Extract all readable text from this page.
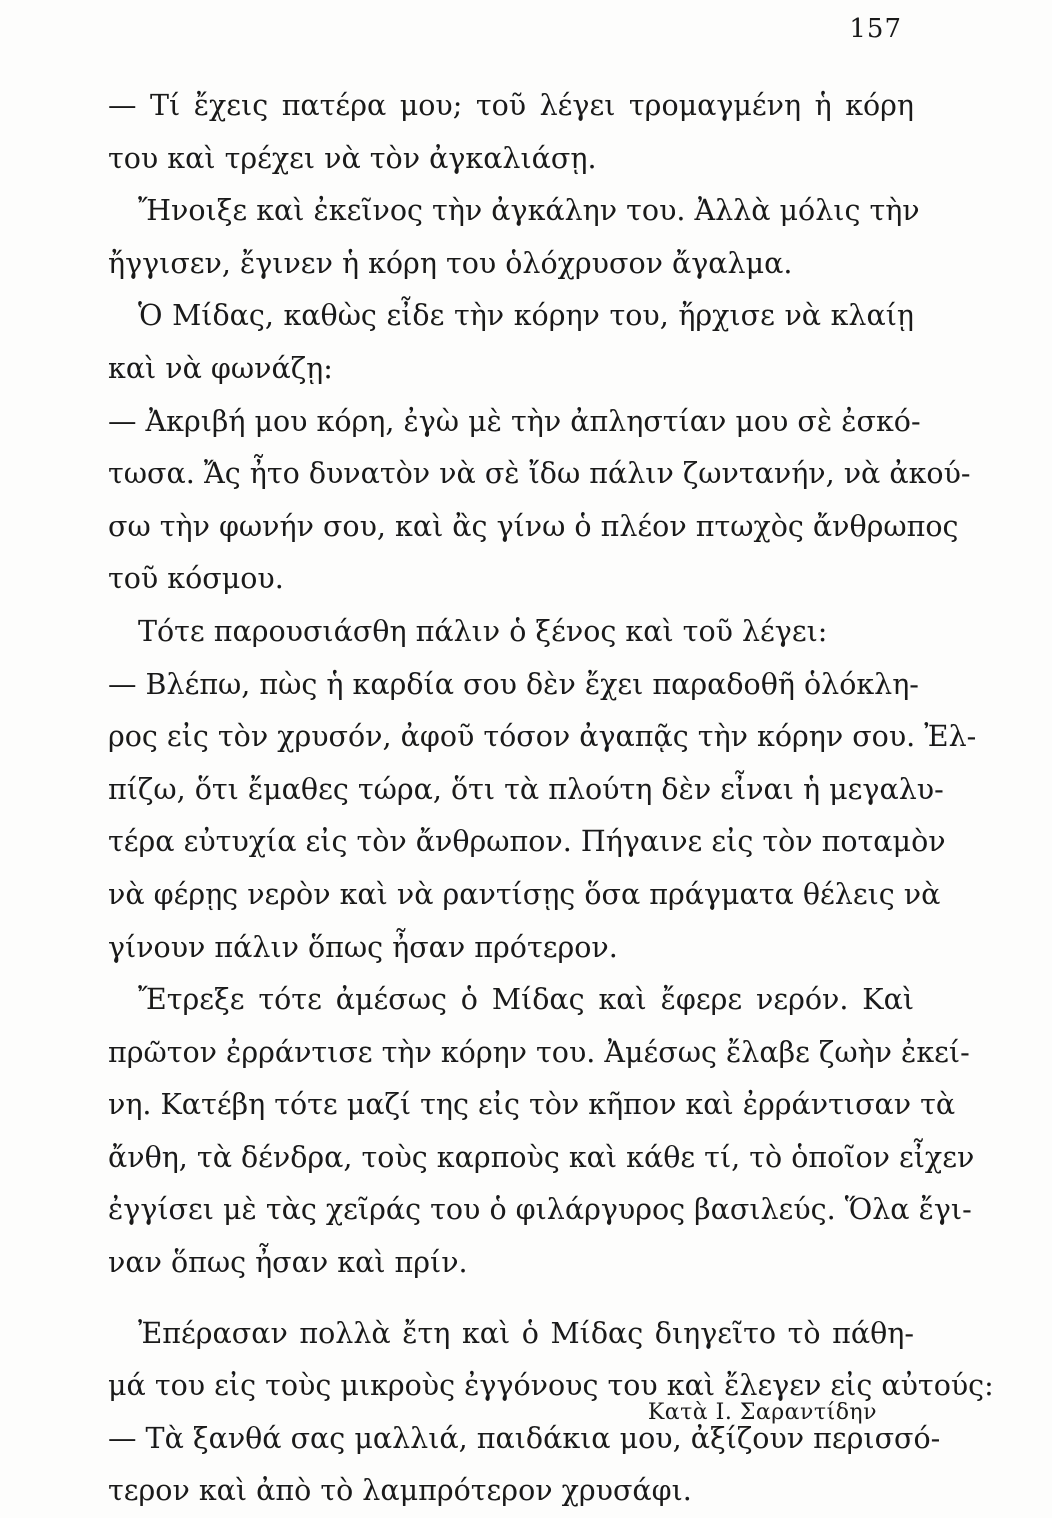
157
— Τί ἔχεις πατέρα μου; τοῦ λέγει τρομαγμένη ἡ κόρη
του καὶ τρέχει νὰ τὸν ἀγκαλιάσῃ.
Ἤνοιξε καὶ ἐκεῖνος τὴν ἀγκάλην του. Ἀλλὰ μόλις τὴν
ἤγγισεν, ἔγινεν ἡ κόρη του ὁλόχρυσον ἄγαλμα.
Ὁ Μίδας, καθὼς εἶδε τὴν κόρην του, ἤρχισε νὰ κλαίῃ
καὶ νὰ φωνάζῃ:
— Ἀκριβή μου κόρη, ἐγὼ μὲ τὴν ἀπληστίαν μου σὲ ἐσκό-
τωσα. Ἄς ἦτο δυνατὸν νὰ σὲ ἴδω πάλιν ζωντανήν, νὰ ἀκού-
σω τὴν φωνήν σου, καὶ ἂς γίνω ὁ πλέον πτωχὸς ἄνθρωπος
τοῦ κόσμου.
Τότε παρουσιάσθη πάλιν ὁ ξένος καὶ τοῦ λέγει:
— Βλέπω, πὼς ἡ καρδία σου δὲν ἔχει παραδοθῆ ὁλόκλη-
ρος εἰς τὸν χρυσόν, ἀφοῦ τόσον ἀγαπᾷς τὴν κόρην σου. Ἐλ-
πίζω, ὅτι ἔμαθες τώρα, ὅτι τὰ πλούτη δὲν εἶναι ἡ μεγαλυ-
τέρα εὐτυχία εἰς τὸν ἄνθρωπον. Πήγαινε εἰς τὸν ποταμὸν
νὰ φέρῃς νερὸν καὶ νὰ ραντίσῃς ὅσα πράγματα θέλεις νὰ
γίνουν πάλιν ὅπως ἦσαν πρότερον.
Ἔτρεξε τότε ἀμέσως ὁ Μίδας καὶ ἔφερε νερόν. Καὶ
πρῶτον ἐρράντισε τὴν κόρην του. Ἀμέσως ἔλαβε ζωὴν ἐκεί-
νη. Κατέβη τότε μαζί της εἰς τὸν κῆπον καὶ ἐρράντισαν τὰ
ἄνθη, τὰ δένδρα, τοὺς καρποὺς καὶ κάθε τί, τὸ ὁποῖον εἶχεν
ἐγγίσει μὲ τὰς χεῖράς του ὁ φιλάργυρος βασιλεύς. Ὅλα ἔγι-
ναν ὅπως ἦσαν καὶ πρίν.
Ἐπέρασαν πολλὰ ἔτη καὶ ὁ Μίδας διηγεῖτο τὸ πάθη-
μά του εἰς τοὺς μικροὺς ἐγγόνους του καὶ ἔλεγεν εἰς αὐτούς:
— Τὰ ξανθά σας μαλλιά, παιδάκια μου, ἀξίζουν περισσό-
τερον καὶ ἀπὸ τὸ λαμπρότερον χρυσάφι.
Κατὰ Ι. Σαραντίδην
